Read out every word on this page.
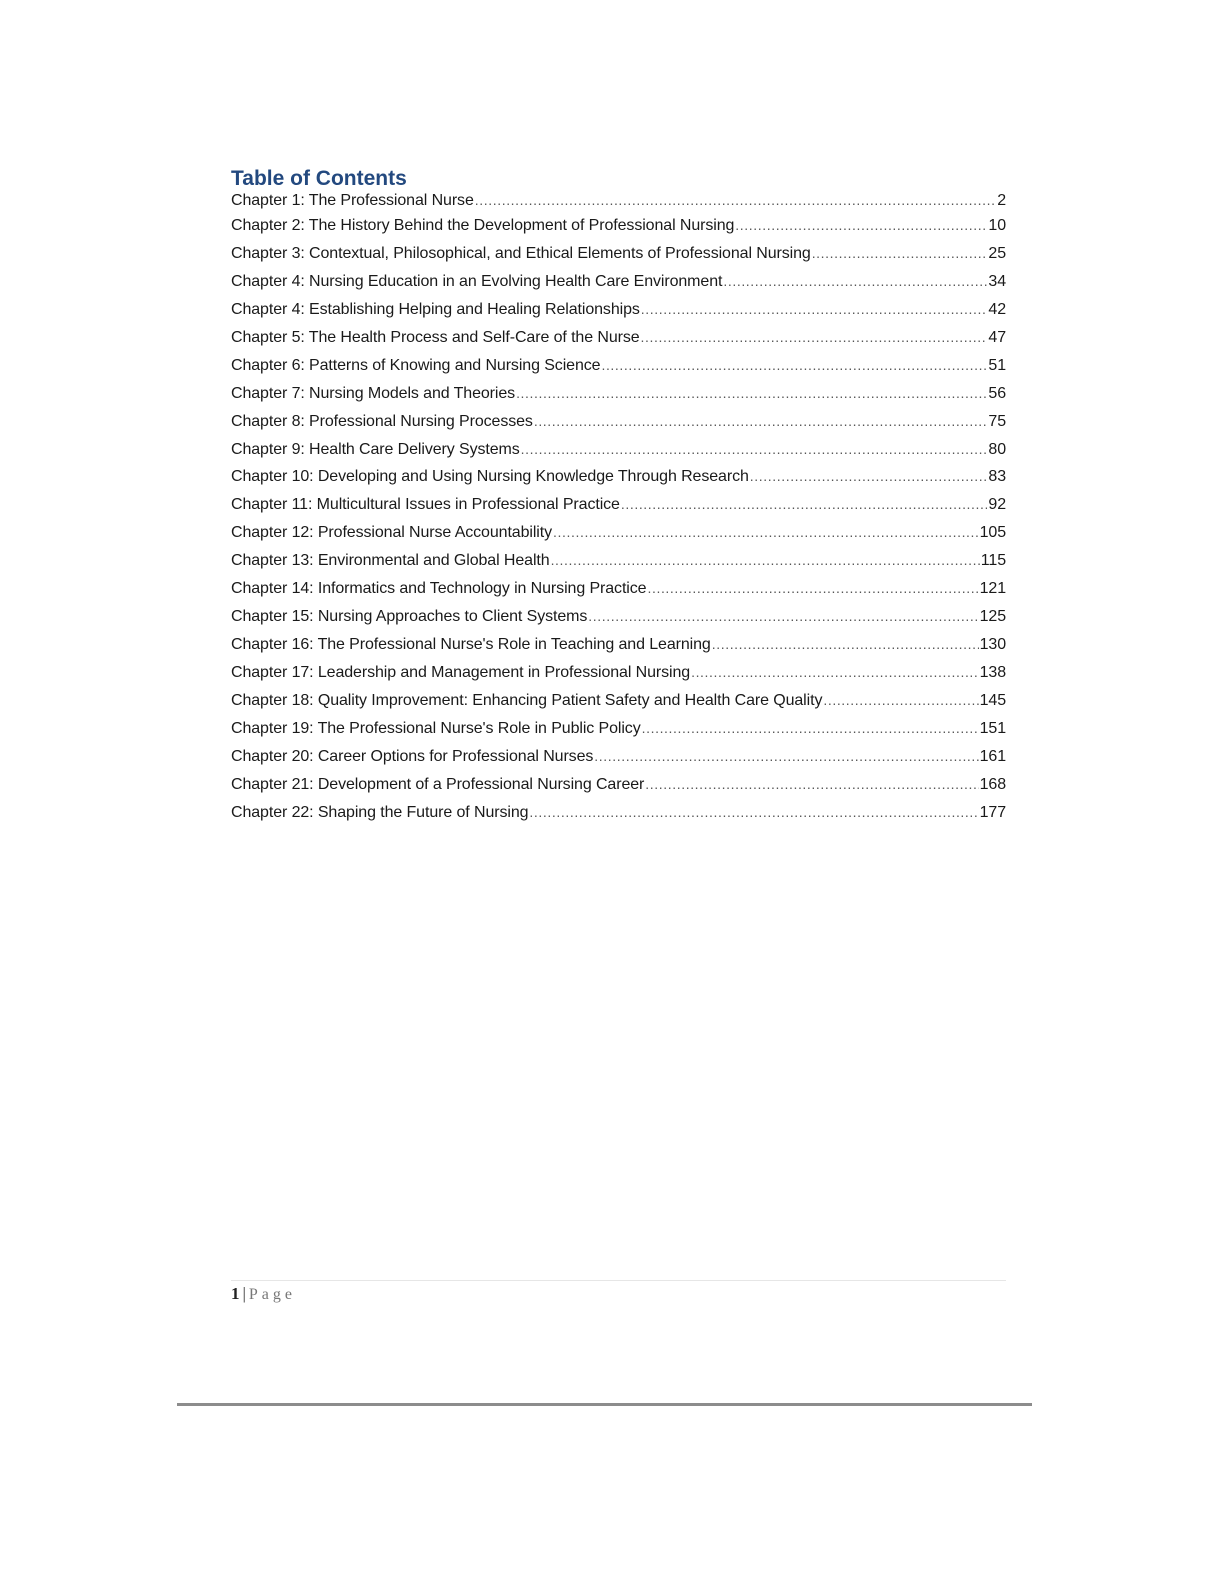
Table of Contents
Chapter 1: The Professional Nurse .....	2
Chapter 2: The History Behind the Development of Professional Nursing .....	10
Chapter 3: Contextual, Philosophical, and Ethical Elements of Professional Nursing .....	25
Chapter 4: Nursing Education in an Evolving Health Care Environment .....	34
Chapter 4: Establishing Helping and Healing Relationships .....	42
Chapter 5: The Health Process and Self-Care of the Nurse .....	47
Chapter 6: Patterns of Knowing and Nursing Science .....	51
Chapter 7: Nursing Models and Theories .....	56
Chapter 8: Professional Nursing Processes .....	75
Chapter 9: Health Care Delivery Systems .....	80
Chapter 10: Developing and Using Nursing Knowledge Through Research .....	83
Chapter 11: Multicultural Issues in Professional Practice .....	92
Chapter 12: Professional Nurse Accountability .....	105
Chapter 13: Environmental and Global Health .....	115
Chapter 14: Informatics and Technology in Nursing Practice .....	121
Chapter 15: Nursing Approaches to Client Systems .....	125
Chapter 16: The Professional Nurse's Role in Teaching and Learning .....	130
Chapter 17: Leadership and Management in Professional Nursing .....	138
Chapter 18: Quality Improvement: Enhancing Patient Safety and Health Care Quality .....	145
Chapter 19: The Professional Nurse's Role in Public Policy .....	151
Chapter 20: Career Options for Professional Nurses .....	161
Chapter 21: Development of a Professional Nursing Career .....	168
Chapter 22: Shaping the Future of Nursing .....	177
1 | Page
